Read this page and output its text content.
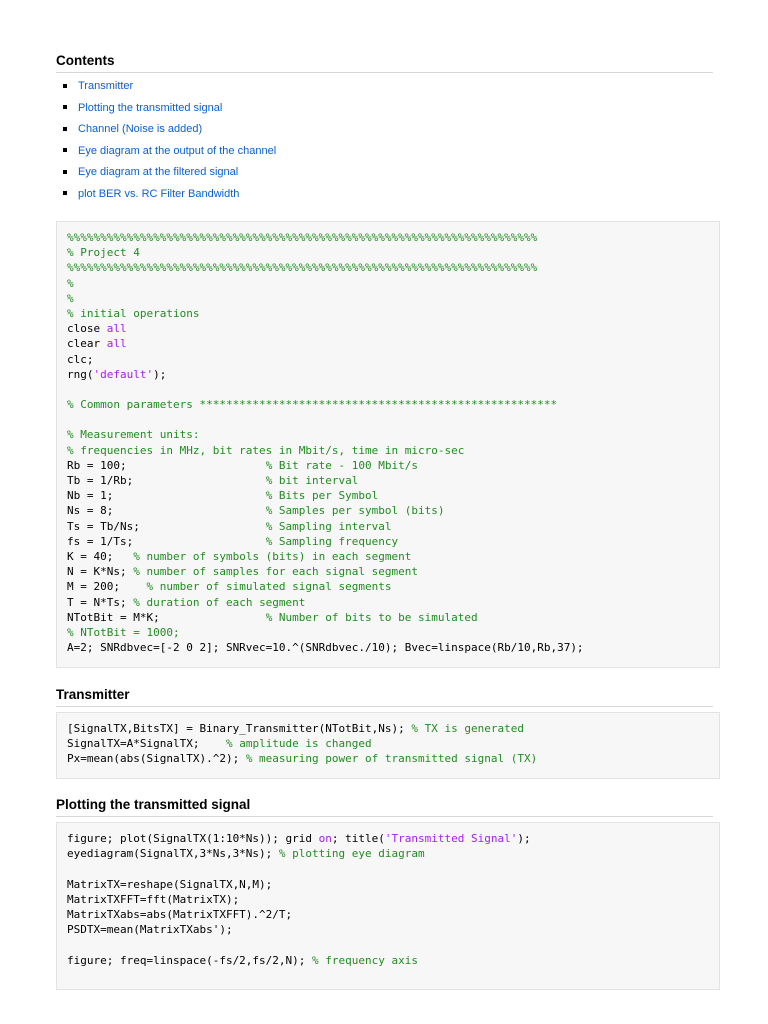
Contents
Transmitter
Plotting the transmitted signal
Channel (Noise is added)
Eye diagram at the output of the channel
Eye diagram at the filtered signal
plot BER vs. RC Filter Bandwidth
%%%%%%%%%%%%%%%%%%%%%%%%%%%%%%%%%%%%%%%%%%%%%%%%%%%%%%%%%%%%%%%%%%%%%%%
% Project 4
%%%%%%%%%%%%%%%%%%%%%%%%%%%%%%%%%%%%%%%%%%%%%%%%%%%%%%%%%%%%%%%%%%%%%%%
%
%
% initial operations
close all
clear all
clc;
rng('default');
% Common parameters ******************************************************
% Measurement units:
% frequencies in MHz, bit rates in Mbit/s, time in micro-sec
Rb = 100;                     % Bit rate - 100 Mbit/s
Tb = 1/Rb;                    % bit interval
Nb = 1;                       % Bits per Symbol
Ns = 8;                       % Samples per symbol (bits)
Ts = Tb/Ns;                   % Sampling interval
fs = 1/Ts;                    % Sampling frequency
K = 40;   % number of symbols (bits) in each segment
N = K*Ns; % number of samples for each signal segment
M = 200;    % number of simulated signal segments
T = N*Ts; % duration of each segment
NTotBit = M*K;                % Number of bits to be simulated
% NTotBit = 1000;
A=2; SNRdbvec=[-2 0 2]; SNRvec=10.^(SNRdbvec./10); Bvec=linspace(Rb/10,Rb,37);
Transmitter
[SignalTX,BitsTX] = Binary_Transmitter(NTotBit,Ns); % TX is generated
SignalTX=A*SignalTX;    % amplitude is changed
Px=mean(abs(SignalTX).^2); % measuring power of transmitted signal (TX)
Plotting the transmitted signal
figure; plot(SignalTX(1:10*Ns)); grid on; title('Transmitted Signal');
eyediagram(SignalTX,3*Ns,3*Ns); % plotting eye diagram
MatrixTX=reshape(SignalTX,N,M);
MatrixTXFFT=fft(MatrixTX);
MatrixTXabs=abs(MatrixTXFFT).^2/T;
PSDTX=mean(MatrixTXabs');
figure; freq=linspace(-fs/2,fs/2,N); % frequency axis
